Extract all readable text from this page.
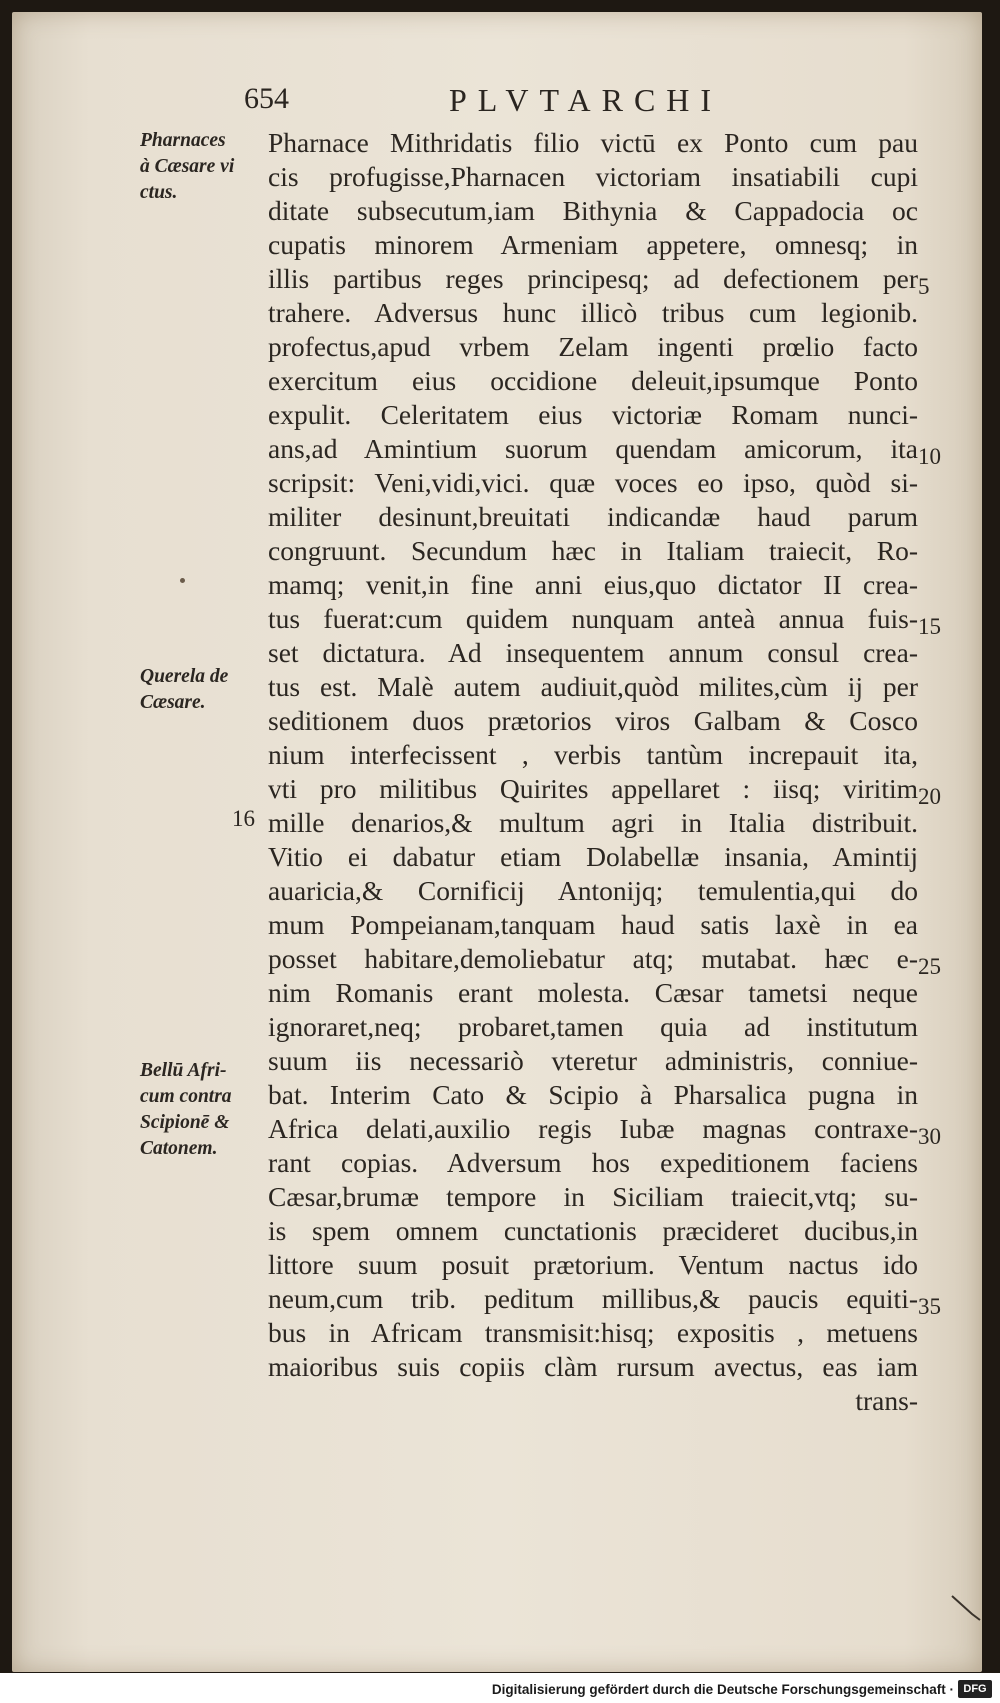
654	PLVTARCHI
Pharnace Mithridatis filio victū ex Ponto cum pau
cis profugisse,Pharnacen victoriam insatiabili cupi
ditate subsecutum,iam Bithynia & Cappadocia oc
cupatis minorem Armeniam appetere, omnesq; in
illis partibus reges principesq; ad defectionem per
trahere. Adversus hunc illicò tribus cum legionib.
profectus,apud vrbem Zelam ingenti prœlio facto
exercitum eius occidione deleuit,ipsumque Ponto
expulit. Celeritatem eius victoriæ Romam nunci-
ans,ad Amintium suorum quendam amicorum, ita
scripsit: Veni,vidi,vici. quæ voces eo ipso, quòd si-
militer desinunt,breuitati indicandæ haud parum
congruunt. Secundum hæc in Italiam traiecit, Ro-
mamq; venit,in fine anni eius,quo dictator II crea-
tus fuerat:cum quidem nunquam anteà annua fuis-
set dictatura. Ad insequentem annum consul crea-
tus est. Malè autem audiuit,quòd milites,cùm ij per
seditionem duos prætorios viros Galbam & Cosco
nium interfecissent , verbis tantùm increpauit ita,
vti pro militibus Quirites appellaret : iisq; viritim
mille denarios,& multum agri in Italia distribuit.
Vitio ei dabatur etiam Dolabellæ insania, Amintij
auaricia,& Cornificij Antonijq; temulentia,qui do
mum Pompeianam,tanquam haud satis laxè in ea
posset habitare,demoliebatur atq; mutabat. hæc e-
nim Romanis erant molesta. Cæsar tametsi neque
ignoraret,neq; probaret,tamen quia ad institutum
suum iis necessariò vteretur administris, conniue-
bat. Interim Cato & Scipio à Pharsalica pugna in
Africa delati,auxilio regis Iubæ magnas contraxe-
rant copias. Adversum hos expeditionem faciens
Cæsar,brumæ tempore in Siciliam traiecit,vtq; su-
is spem omnem cunctationis præcideret ducibus,in
littore suum posuit prætorium. Ventum nactus ido
neum,cum trib. peditum millibus,& paucis equiti-
bus in Africam transmisit:hisq; expositis , metuens
maioribus suis copiis clàm rursum avectus, eas iam
trans-
Pharnaces
à Cæsare vi
ctus.
Querela de
Cæsare.
Bellū Afri-
cum contra
Scipionē &
Catonem.
5
10
15
20
25
30
35
16
Digitalisierung gefördert durch die Deutsche Forschungsgemeinschaft · DFG
